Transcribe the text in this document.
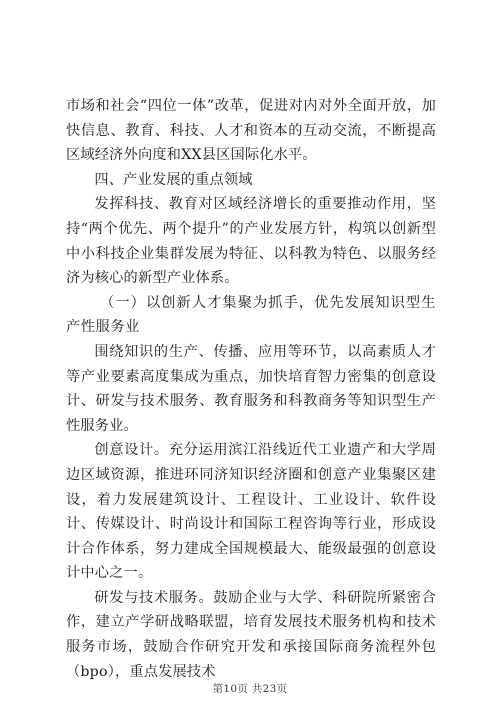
市场和社会“四位一体”改革，促进对内对外全面开放，加快信息、教育、科技、人才和资本的互动交流，不断提高区域经济外向度和XX县区国际化水平。

四、产业发展的重点领域

发挥科技、教育对区域经济增长的重要推动作用，坚持“两个优先、两个提升”的产业发展方针，构筑以创新型中小科技企业集群发展为特征、以科教为特色、以服务经济为核心的新型产业体系。

（一）以创新人才集聚为抓手，优先发展知识型生产性服务业

围绕知识的生产、传播、应用等环节，以高素质人才等产业要素高度集成为重点，加快培育智力密集的创意设计、研发与技术服务、教育服务和科教商务等知识型生产性服务业。

创意设计。充分运用滨江沿线近代工业遗产和大学周边区域资源，推进环同济知识经济圈和创意产业集聚区建设，着力发展建筑设计、工程设计、工业设计、软件设计、传媒设计、时尚设计和国际工程咨询等行业，形成设计合作体系，努力建成全国规模最大、能级最强的创意设计中心之一。

研发与技术服务。鼓励企业与大学、科研院所紧密合作，建立产学研战略联盟，培育发展技术服务机构和技术服务市场，鼓励合作研究开发和承接国际商务流程外包（bpo），重点发展技术

第10页 共23页
